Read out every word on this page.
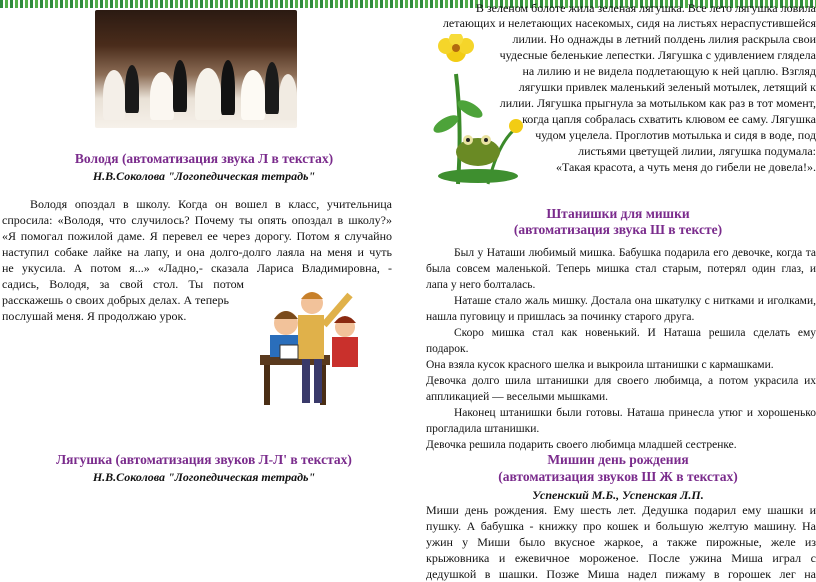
Володя (автоматизация звука Л в текстах)

Н.В.Соколова "Логопедическая тетрадь"

Володя опоздал в школу. Когда он вошел в класс, учительница

спросила: «Володя, что случилось? Почему ты опять опоздал в школу?»

«Я помогал пожилой даме. Я перевел ее через дорогу. Потом я случайно

наступил собаке лайке на лапу, и она долго-долго лаяла на меня и чуть

не укусила. А потом я...» «Ладно,- сказала Лариса Владимировна, -

садись, Володя, за свой стол. Ты потом

расскажешь о своих добрых делах. А теперь

послушай меня. Я продолжаю урок.

Лягушка (автоматизация звуков Л-Л' в текстах)

Н.В.Соколова "Логопедическая тетрадь"

В зеленом болоте жила зеленая лягушка. Все лето лягушка ловила

летающих и нелетающих насекомых, сидя на листьях нераспустившейся

лилии. Но однажды в летний полдень лилия раскрыла свои

чудесные беленькие лепестки. Лягушка с удивлением глядела

на лилию и не видела подлетающую к ней цаплю. Взгляд

лягушки привлек маленький зеленый мотылек, летящий к

лилии. Лягушка прыгнула за мотыльком как раз в тот момент,

когда цапля собралась схватить клювом ее саму. Лягушка

чудом уцелела. Проглотив мотылька и сидя в воде, под

листьями цветущей лилии, лягушка подумала:

«Такая красота, а чуть меня до гибели не довела!».

Штанишки для мишки
(автоматизация звука Ш в тексте)

Был у Наташи любимый мишка. Бабушка подарила его девочке, когда та

была совсем маленькой. Теперь мишка стал старым, потерял один глаз, и

лапа у него болталась.

Наташе стало жаль мишку. Достала она шкатулку с нитками и иголками,

нашла пуговицу и пришлась за починку старого друга.

Скоро мишка стал как новенький. И Наташа решила сделать ему

подарок.

Она взяла кусок красного шелка и выкроила штанишки с кармашками.

Девочка долго шила штанишки для своего любимца, а потом украсила их

аппликацией — веселыми мышками.

Наконец штанишки были готовы. Наташа принесла утюг и хорошенько

прогладила штанишки.

Девочка решила подарить своего любимца младшей сестренке.

Мишин день рождения
(автоматизация звуков Ш Ж в текстах)

Успенский М.Б., Успенская Л.П.

Миши день рождения. Ему шесть лет. Дедушка подарил ему шашки и

пушку. А бабушка - книжку про кошек и большую желтую машину. На

ужин у Миши было вкусное жаркое, а также пирожные, желе из

крыжовника и ежевичное мороженое. После ужина Миша играл с

дедушкой в шашки. Позже Миша надел пижаму в горошек лег на
